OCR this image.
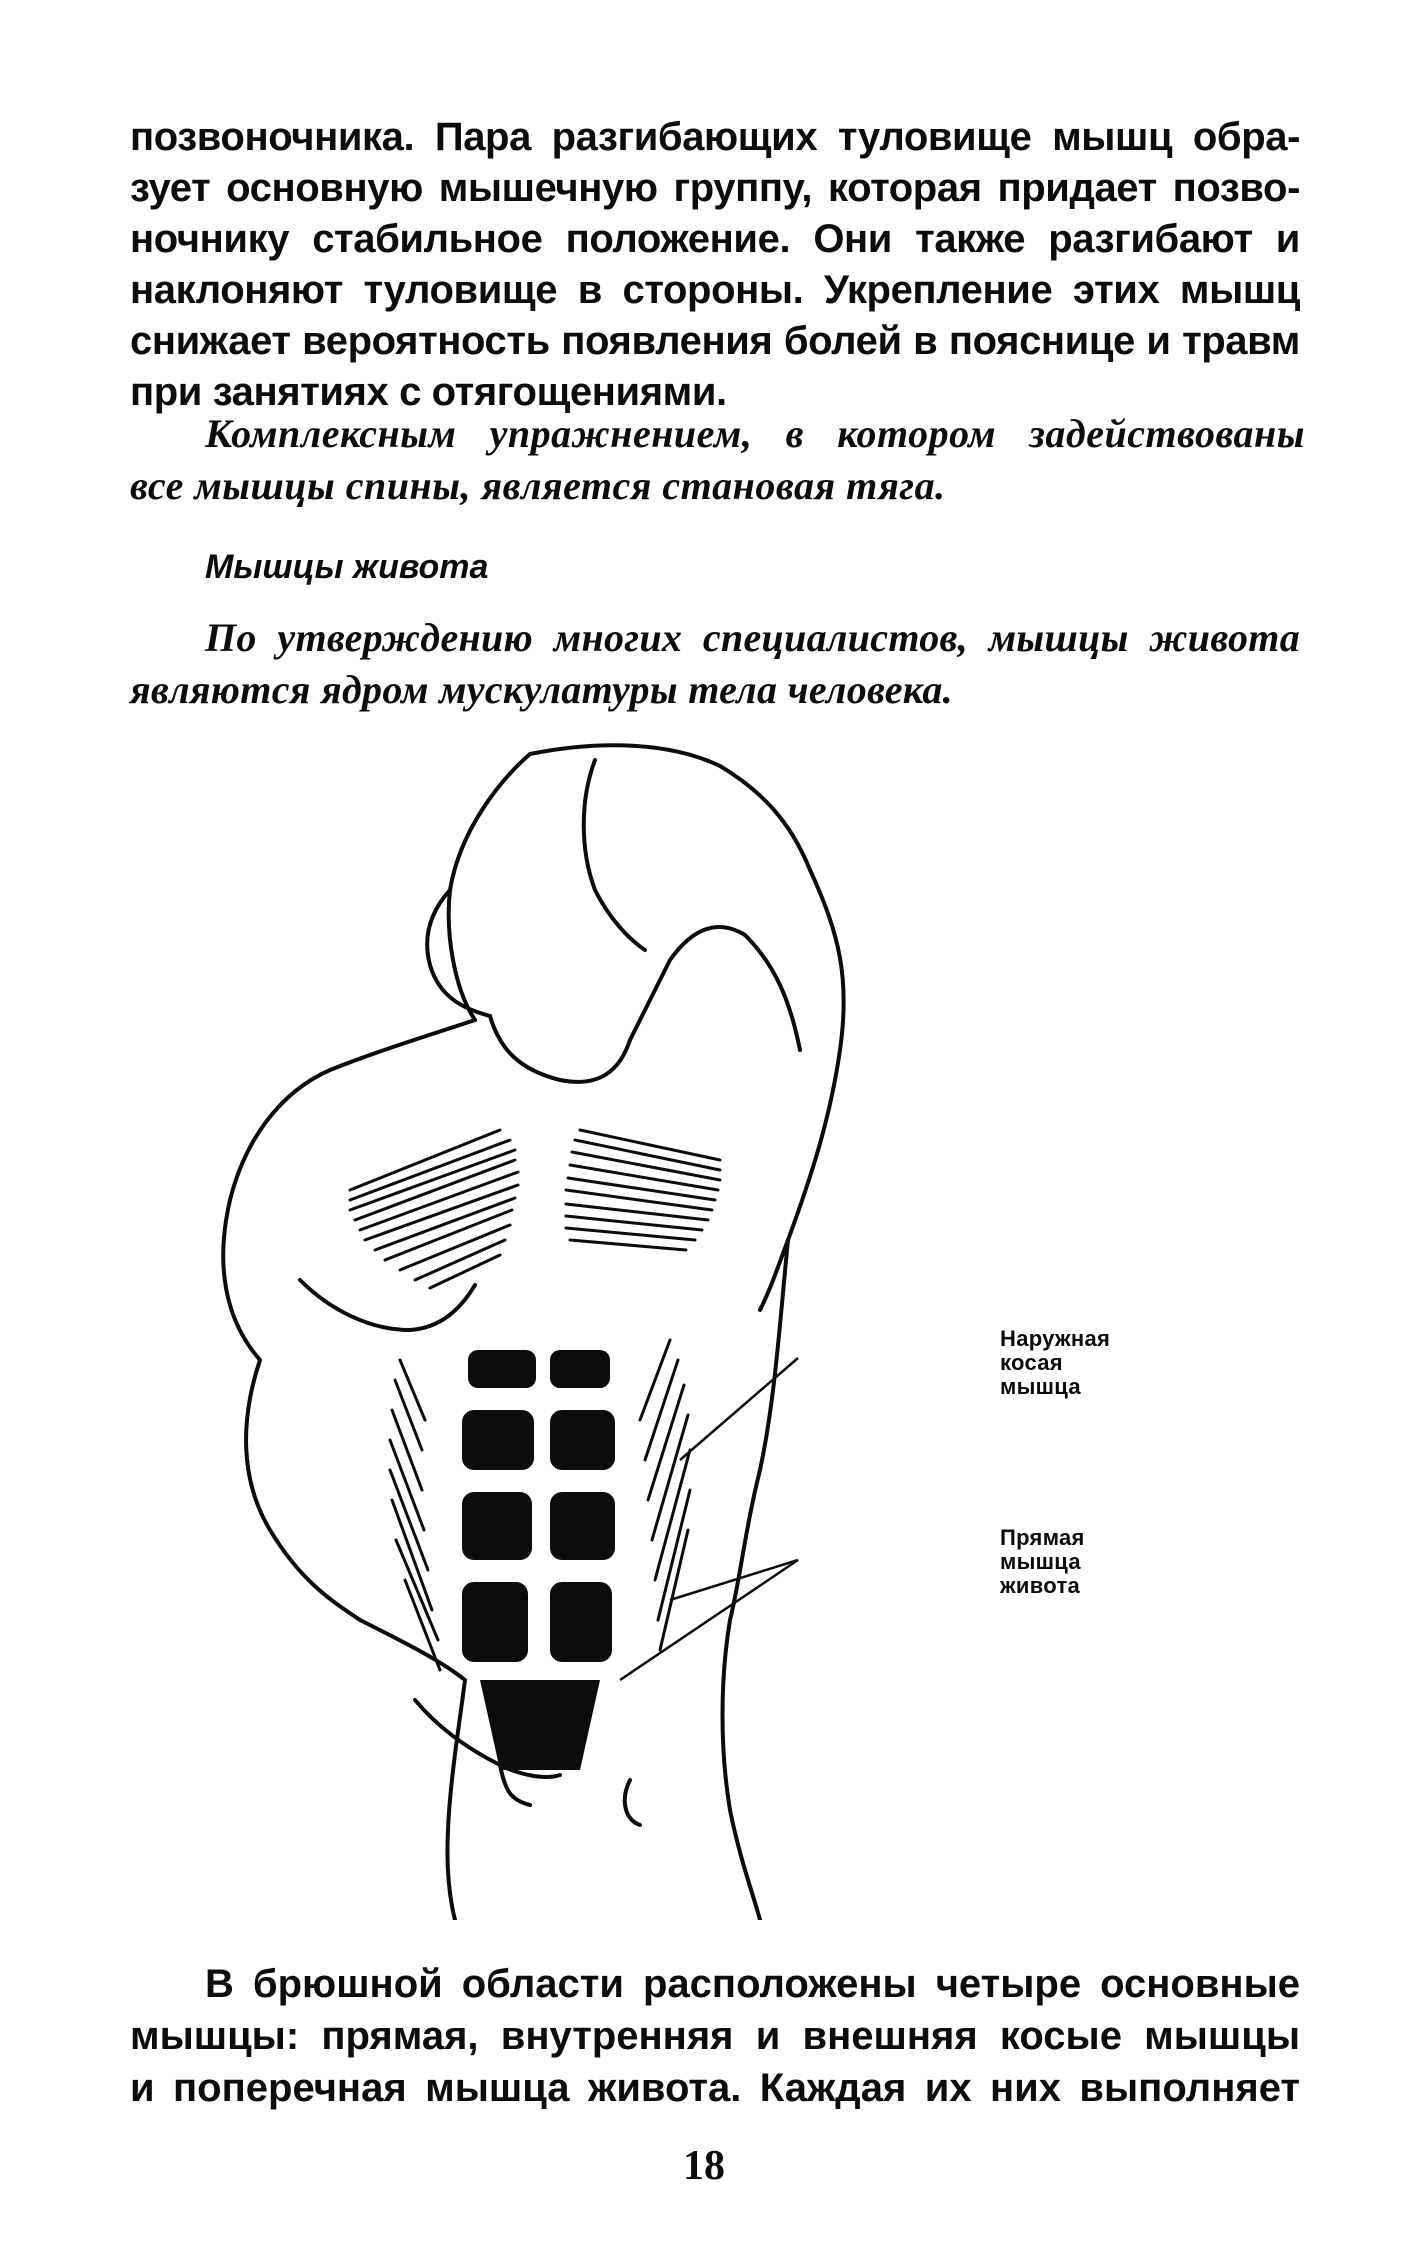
позвоночника. Пара разгибающих туловище мышц обра-
зует основную мышечную группу, которая придает позво-
ночнику стабильное положение. Они также разгибают и
наклоняют туловище в стороны. Укрепление этих мышц
снижает вероятность появления болей в пояснице и травм
при занятиях с отягощениями.
Комплексным упражнением, в котором задействованы
все мышцы спины, является становая тяга.
Мышцы живота
По утверждению многих специалистов, мышцы живота
являются ядром мускулатуры тела человека.
Наружная
косая
мышца
Прямая
мышца
живота
В брюшной области расположены четыре основные
мышцы: прямая, внутренняя и внешняя косые мышцы
и поперечная мышца живота. Каждая их них выполняет
18
